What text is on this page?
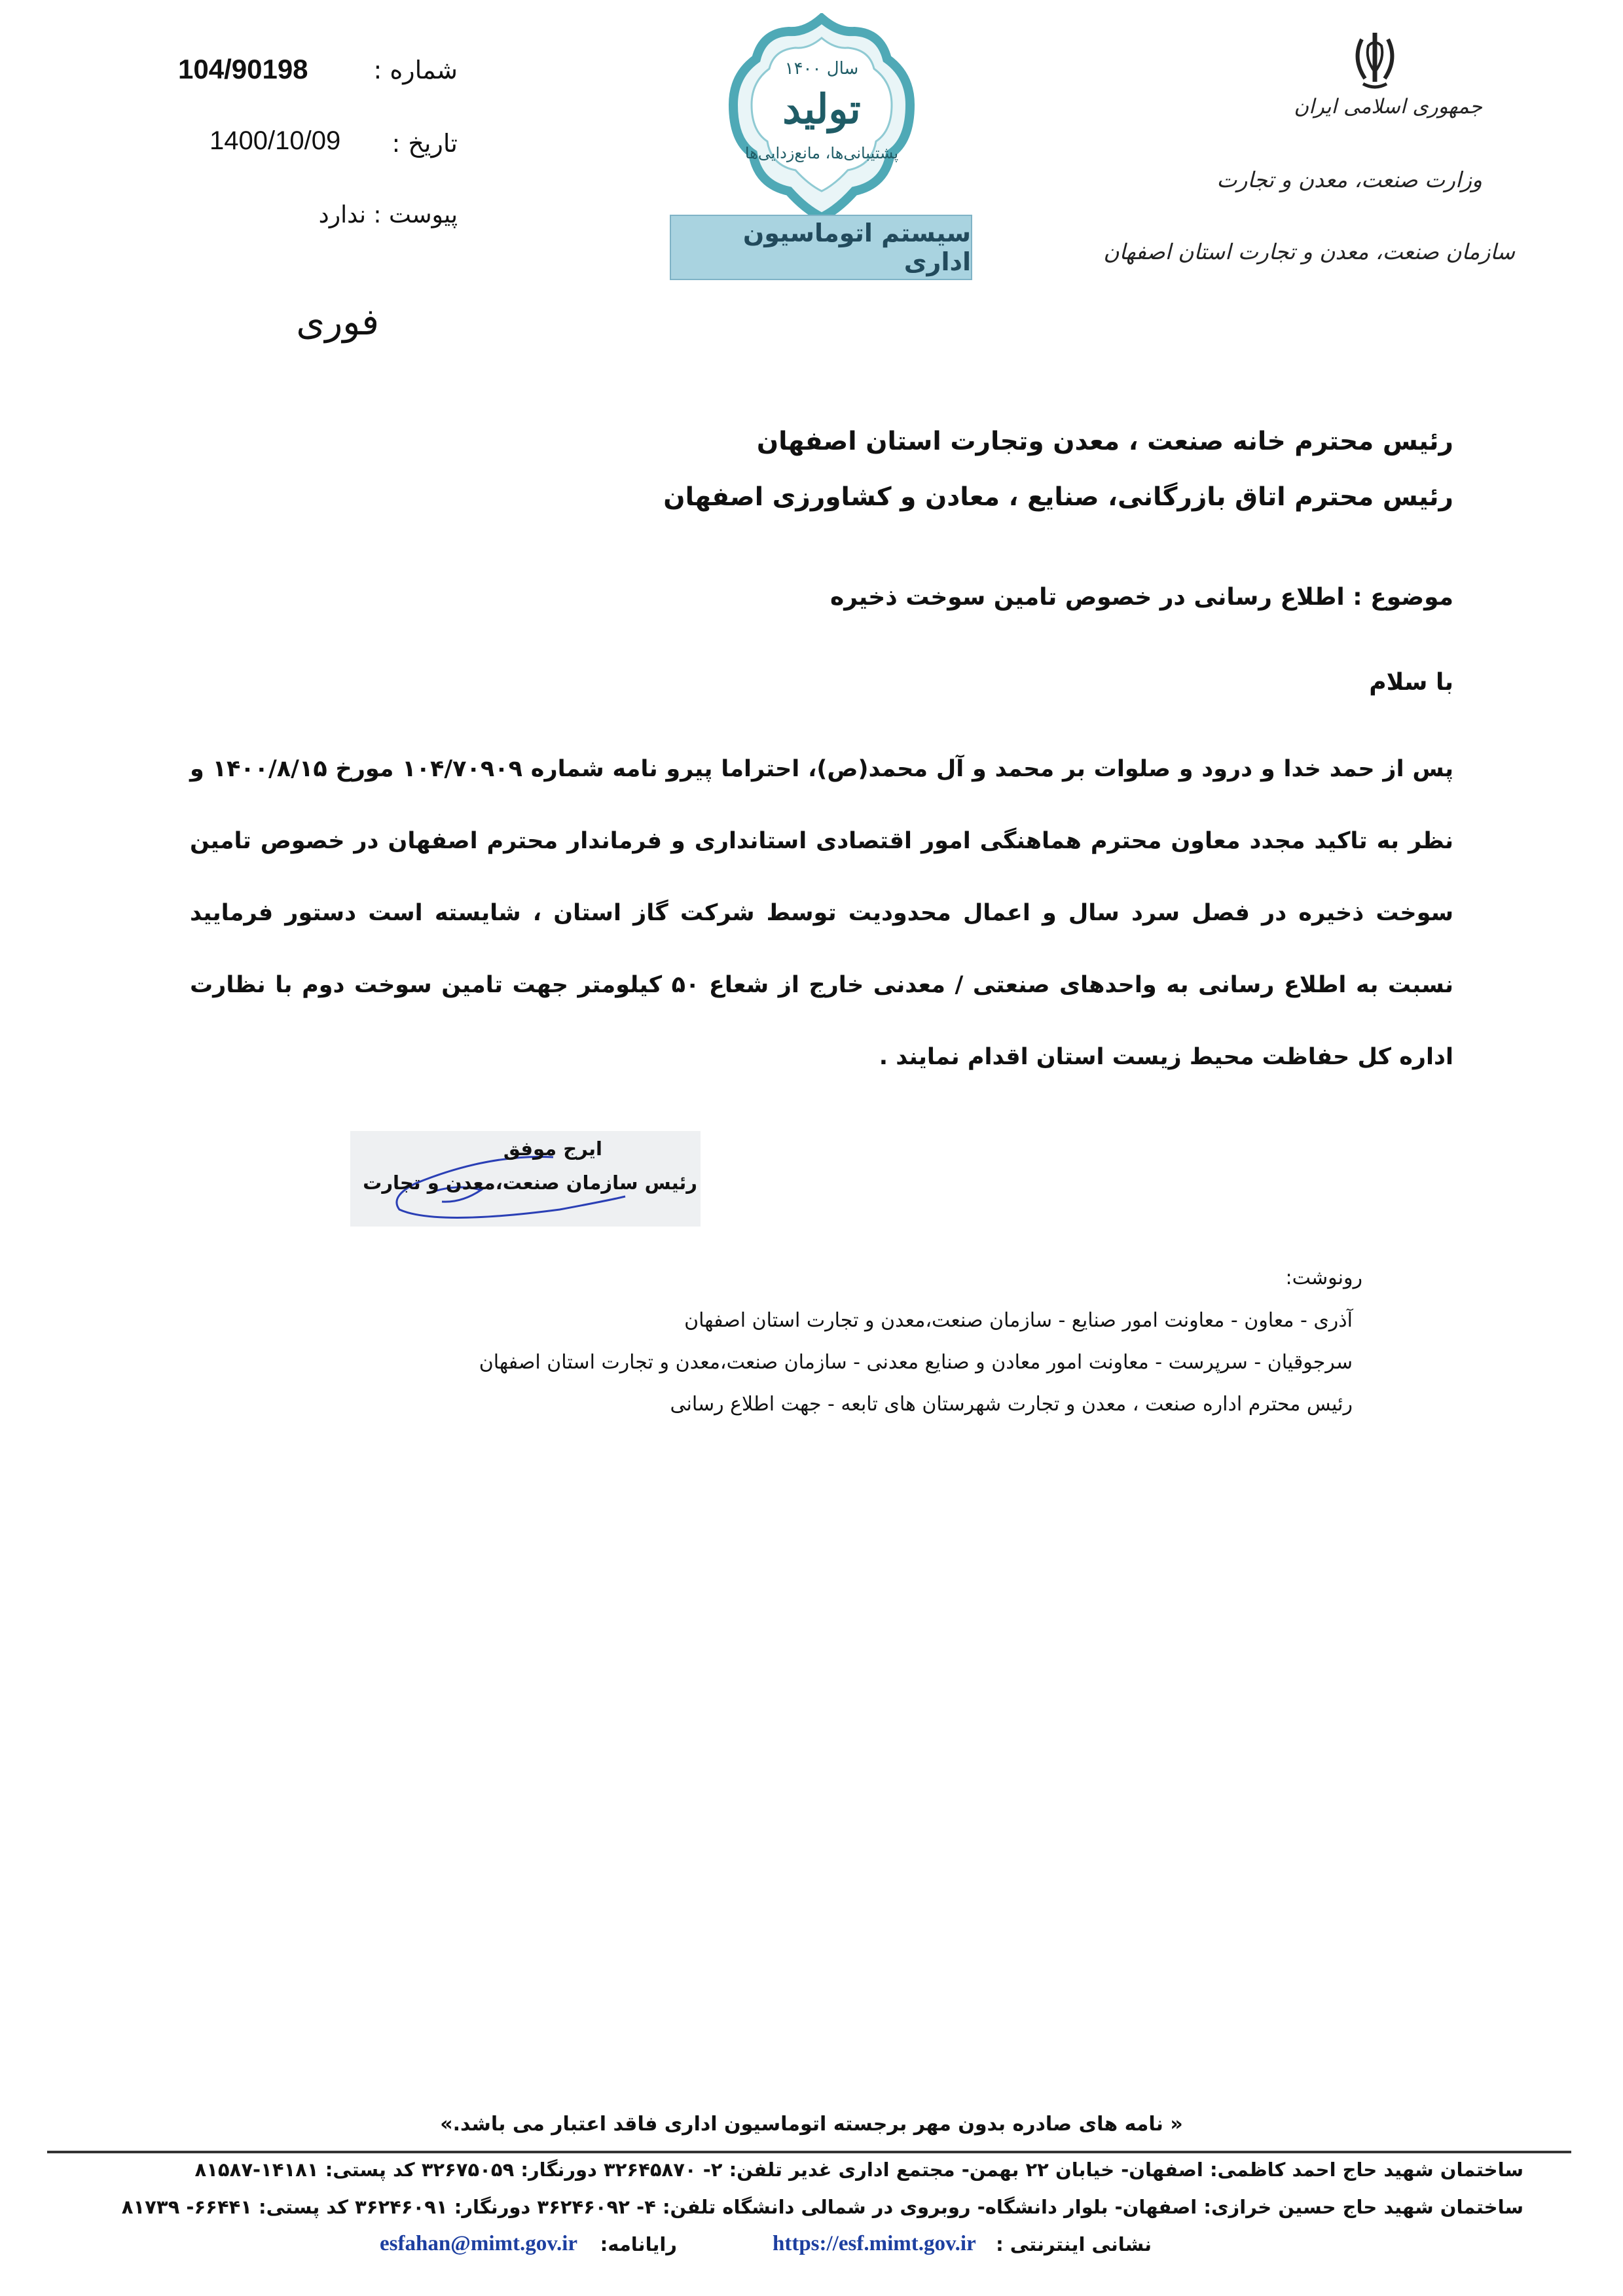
جمهوری اسلامی ایران
وزارت صنعت، معدن و تجارت
سازمان صنعت، معدن و تجارت استان اصفهان
سال ۱۴۰۰
تولید
پشتیبانی‌ها، مانع‌زدایی‌ها
سیستم اتوماسیون اداری
شماره :
104/90198
تاریخ :
1400/10/09
پیوست : ندارد
فوری
رئیس محترم خانه صنعت ، معدن وتجارت استان اصفهان
رئیس محترم اتاق بازرگانی، صنایع ، معادن و کشاورزی اصفهان
موضوع : اطلاع رسانی در خصوص تامین سوخت ذخیره
با سلام
پس از حمد خدا و درود و صلوات بر محمد و آل محمد(ص)، احتراما پیرو نامه شماره ۱۰۴/۷۰۹۰۹ مورخ ۱۴۰۰/۸/۱۵ و نظر به تاکید مجدد معاون محترم هماهنگی امور اقتصادی استانداری و فرماندار محترم اصفهان در خصوص تامین سوخت ذخیره در فصل سرد سال و اعمال محدودیت توسط شرکت گاز استان ، شایسته است دستور فرمایید نسبت به اطلاع رسانی به واحدهای صنعتی / معدنی خارج از شعاع ۵۰ کیلومتر جهت تامین سوخت دوم با نظارت اداره کل حفاظت محیط زیست استان اقدام نمایند .
ایرج موفق
رئیس سازمان صنعت،معدن و تجارت
رونوشت:
آذری - معاون - معاونت امور صنایع - سازمان صنعت،معدن و تجارت استان اصفهان
سرجوقیان - سرپرست - معاونت امور معادن و صنایع معدنی - سازمان صنعت،معدن و تجارت استان اصفهان
رئیس محترم اداره صنعت ، معدن و تجارت شهرستان های تابعه - جهت اطلاع رسانی
« نامه های صادره بدون مهر برجسته اتوماسیون اداری فاقد اعتبار می باشد.»
ساختمان شهید حاج احمد کاظمی: اصفهان- خیابان ۲۲ بهمن- مجتمع اداری غدیر تلفن: ۲- ۳۲۶۴۵۸۷۰ دورنگار: ۳۲۶۷۵۰۵۹ کد پستی: ۱۴۱۸۱-۸۱۵۸۷
ساختمان شهید حاج حسین خرازی: اصفهان- بلوار دانشگاه- روبروی در شمالی دانشگاه تلفن: ۴- ۳۶۲۴۶۰۹۲ دورنگار: ۳۶۲۴۶۰۹۱ کد پستی: ۶۶۴۴۱- ۸۱۷۳۹
نشانی اینترنتی :
https://esf.mimt.gov.ir
رایانامه:
esfahan@mimt.gov.ir
